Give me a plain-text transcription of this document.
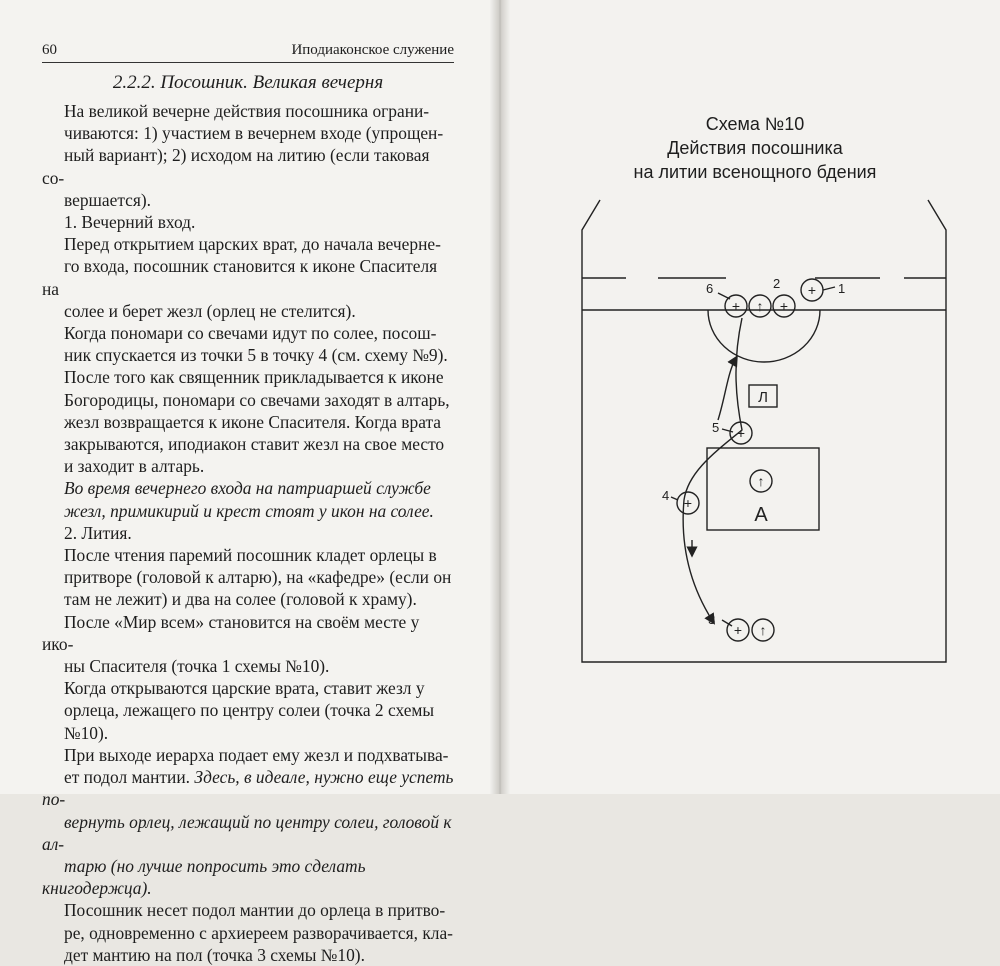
60	Иподиаконское служение
2.2.2. Посошник. Великая вечерня
На великой вечерне действия посошника ограни-
чиваются: 1) участием в вечернем входе (упрощен-
ный вариант); 2) исходом на литию (если таковая со-
вершается).
1. Вечерний вход.
Перед открытием царских врат, до начала вечерне-
го входа, посошник становится к иконе Спасителя на
солее и берет жезл (орлец не стелится).
Когда пономари со свечами идут по солее, посош-
ник спускается из точки 5 в точку 4 (см. схему №9).
После того как священник прикладывается к иконе
Богородицы, пономари со свечами заходят в алтарь,
жезл возвращается к иконе Спасителя. Когда врата
закрываются, иподиакон ставит жезл на свое место
и заходит в алтарь.
Во время вечернего входа на патриаршей службе
жезл, примикирий и крест стоят у икон на солее.
2. Лития.
После чтения паремий посошник кладет орлецы в
притворе (головой к алтарю), на «кафедре» (если он
там не лежит) и два на солее (головой к храму).
После «Мир всем» становится на своём месте у ико-
ны Спасителя (точка 1 схемы №10).
Когда открываются царские врата, ставит жезл у
орлеца, лежащего по центру солеи (точка 2 схемы
№10).
При выходе иерарха подает ему жезл и подхватыва-
ет подол мантии. Здесь, в идеале, нужно еще успеть по-
вернуть орлец, лежащий по центру солеи, головой к ал-
тарю (но лучше попросить это сделать книгодержца).
Посошник несет подол мантии до орлеца в притво-
ре, одновременно с архиереем разворачивается, кла-
дет мантию на пол (точка 3 схемы №10).
Схема №10
Действия посошника
на литии всенощного бдения
+ ↑ +
+
+
↑
+
+ ↑
1
2
3
4
5
6
Л
А
